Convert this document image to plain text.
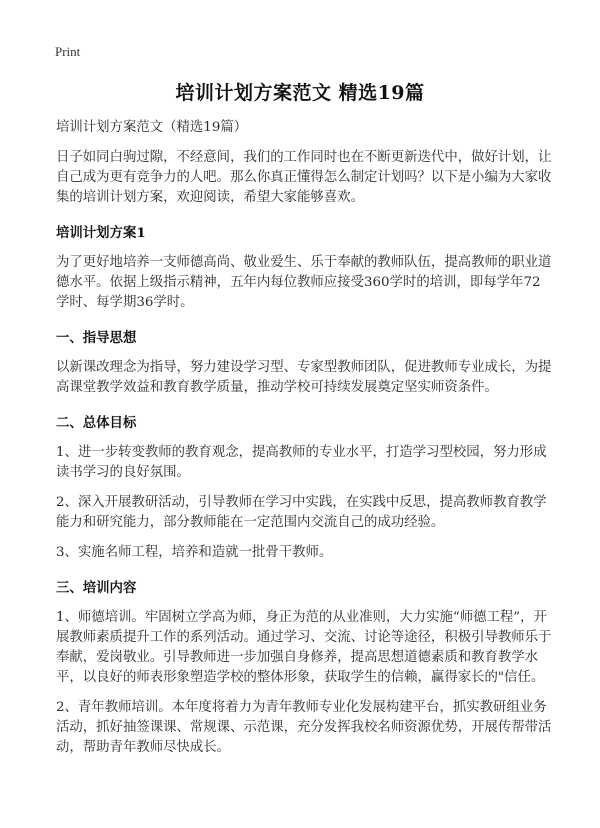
Print
培训计划方案范文 精选19篇

培训计划方案范文（精选19篇）

日子如同白驹过隙，不经意间，我们的工作同时也在不断更新迭代中，做好计划，让自己成为更有竞争力的人吧。那么你真正懂得怎么制定计划吗？以下是小编为大家收集的培训计划方案，欢迎阅读，希望大家能够喜欢。

培训计划方案1

为了更好地培养一支师德高尚、敬业爱生、乐于奉献的教师队伍，提高教师的职业道德水平。依据上级指示精神，五年内每位教师应接受360学时的培训，即每学年72学时、每学期36学时。

一、指导思想

以新课改理念为指导，努力建设学习型、专家型教师团队，促进教师专业成长，为提高课堂教学效益和教育教学质量，推动学校可持续发展奠定坚实师资条件。

二、总体目标

1、进一步转变教师的教育观念，提高教师的专业水平，打造学习型校园，努力形成读书学习的良好氛围。

2、深入开展教研活动，引导教师在学习中实践，在实践中反思，提高教师教育教学能力和研究能力，部分教师能在一定范围内交流自己的成功经验。

3、实施名师工程，培养和造就一批骨干教师。

三、培训内容

1、师德培训。牢固树立学高为师，身正为范的从业准则，大力实施“师德工程”，开展教师素质提升工作的系列活动。通过学习、交流、讨论等途径，积极引导教师乐于奉献，爱岗敬业。引导教师进一步加强自身修养，提高思想道德素质和教育教学水平，以良好的师表形象塑造学校的整体形象，获取学生的信赖，赢得家长的"信任。

2、青年教师培训。本年度将着力为青年教师专业化发展构建平台，抓实教研组业务活动，抓好抽签课课、常规课、示范课，充分发挥我校名师资源优势，开展传帮带活动，帮助青年教师尽快成长。
